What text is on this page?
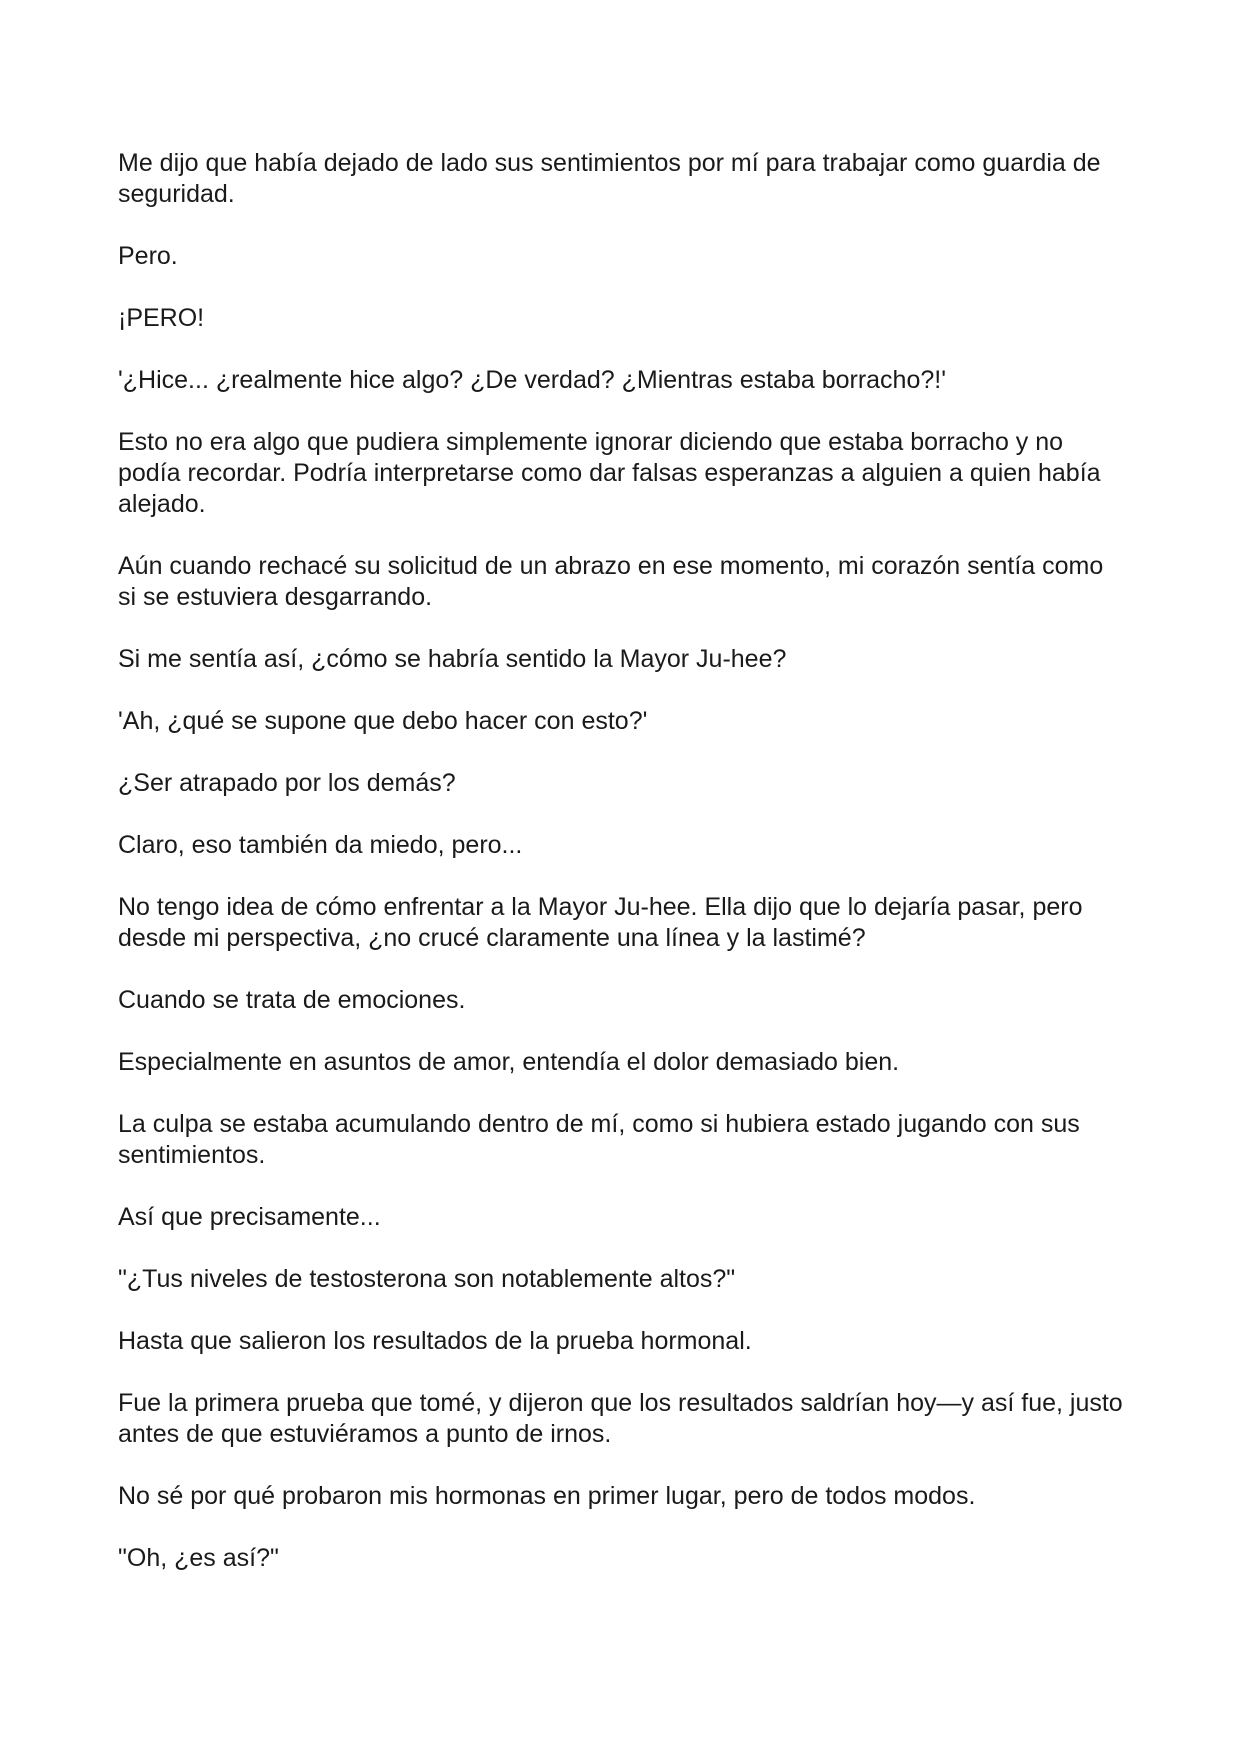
Me dijo que había dejado de lado sus sentimientos por mí para trabajar como guardia de seguridad.

Pero.

¡PERO!

'¿Hice... ¿realmente hice algo? ¿De verdad? ¿Mientras estaba borracho?!'

Esto no era algo que pudiera simplemente ignorar diciendo que estaba borracho y no podía recordar. Podría interpretarse como dar falsas esperanzas a alguien a quien había alejado.

Aún cuando rechacé su solicitud de un abrazo en ese momento, mi corazón sentía como si se estuviera desgarrando.

Si me sentía así, ¿cómo se habría sentido la Mayor Ju-hee?

'Ah, ¿qué se supone que debo hacer con esto?'

¿Ser atrapado por los demás?

Claro, eso también da miedo, pero...

No tengo idea de cómo enfrentar a la Mayor Ju-hee. Ella dijo que lo dejaría pasar, pero desde mi perspectiva, ¿no crucé claramente una línea y la lastimé?

Cuando se trata de emociones.

Especialmente en asuntos de amor, entendía el dolor demasiado bien.

La culpa se estaba acumulando dentro de mí, como si hubiera estado jugando con sus sentimientos.

Así que precisamente...

"¿Tus niveles de testosterona son notablemente altos?"

Hasta que salieron los resultados de la prueba hormonal.

Fue la primera prueba que tomé, y dijeron que los resultados saldrían hoy—y así fue, justo antes de que estuviéramos a punto de irnos.

No sé por qué probaron mis hormonas en primer lugar, pero de todos modos.

"Oh, ¿es así?"
